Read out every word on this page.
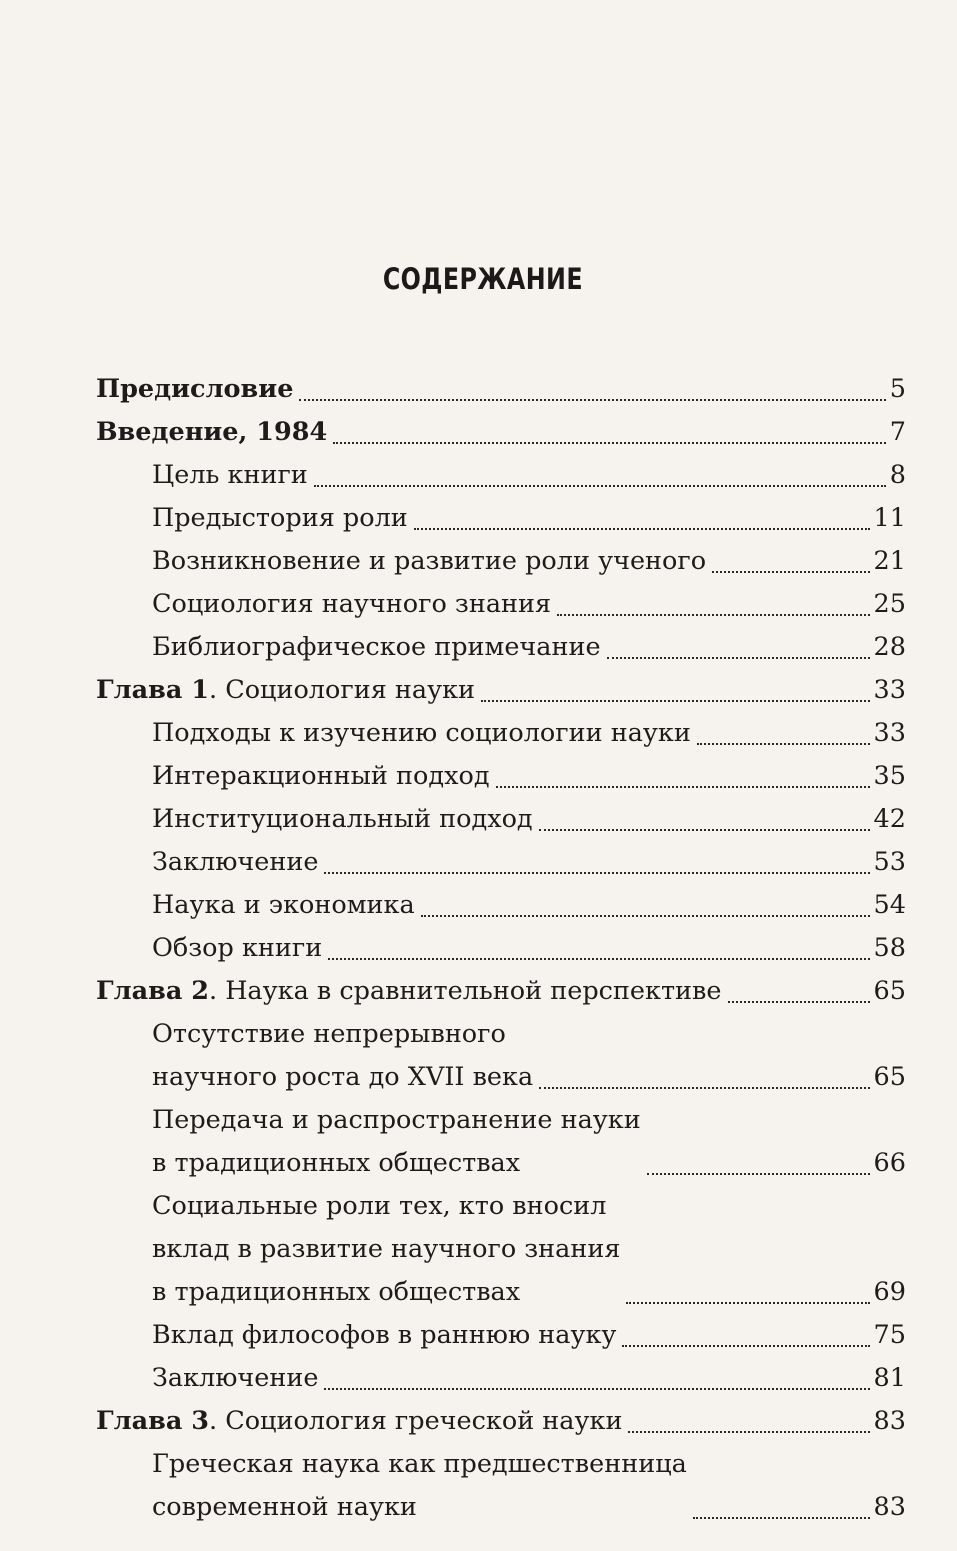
СОДЕРЖАНИЕ
Предисловие	5
Введение, 1984	7
Цель книги	8
Предыстория роли	11
Возникновение и развитие роли ученого	21
Социология научного знания	25
Библиографическое примечание	28
Глава 1. Социология науки	33
Подходы к изучению социологии науки	33
Интеракционный подход	35
Институциональный подход	42
Заключение	53
Наука и экономика	54
Обзор книги	58
Глава 2. Наука в сравнительной перспективе	65
Отсутствие непрерывного
научного роста до XVII века	65
Передача и распространение науки
в традиционных обществах	66
Социальные роли тех, кто вносил
вклад в развитие научного знания
в традиционных обществах	69
Вклад философов в раннюю науку	75
Заключение	81
Глава 3. Социология греческой науки	83
Греческая наука как предшественница
современной науки	83
